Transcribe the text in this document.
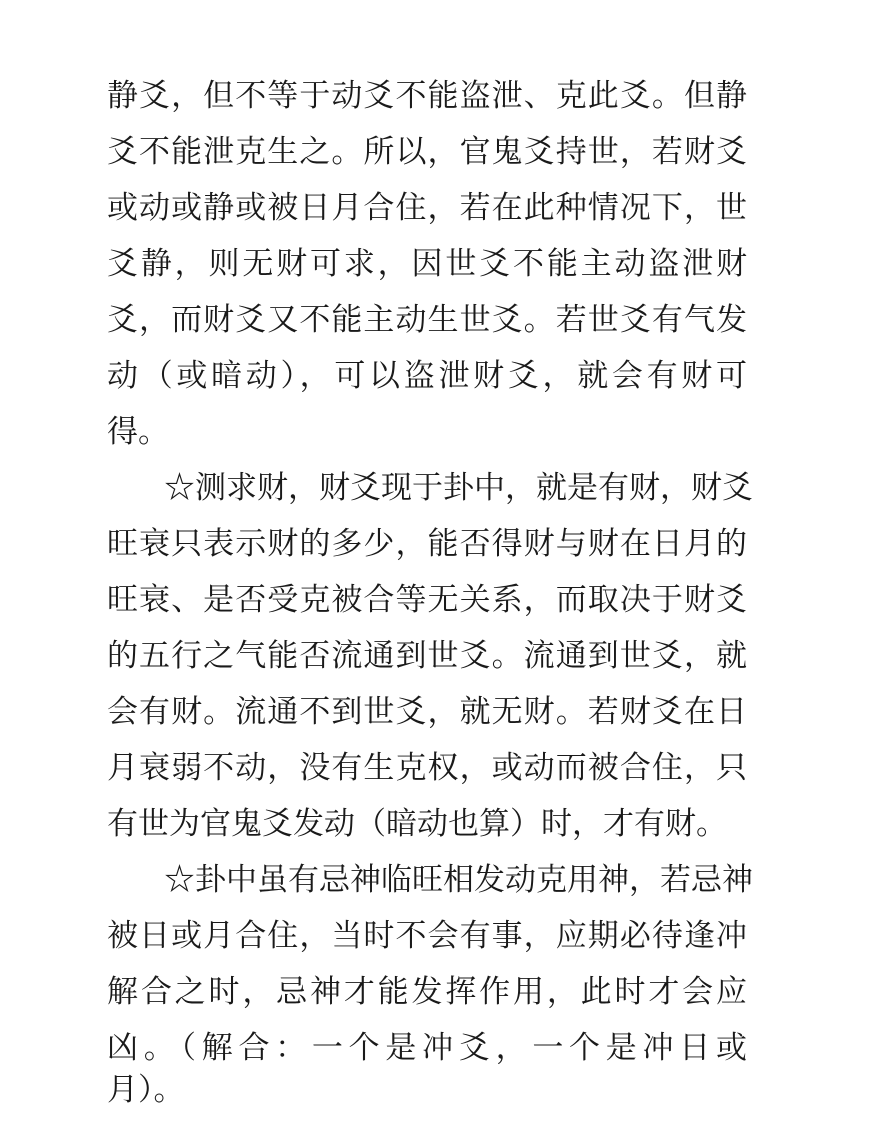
静爻，但不等于动爻不能盗泄、克此爻。但静
爻不能泄克生之。所以，官鬼爻持世，若财爻
或动或静或被日月合住，若在此种情况下，世
爻静，则无财可求，因世爻不能主动盗泄财
爻，而财爻又不能主动生世爻。若世爻有气发
动（或暗动），可以盗泄财爻，就会有财可
得。
☆测求财，财爻现于卦中，就是有财，财爻
旺衰只表示财的多少，能否得财与财在日月的
旺衰、是否受克被合等无关系，而取决于财爻
的五行之气能否流通到世爻。流通到世爻，就
会有财。流通不到世爻，就无财。若财爻在日
月衰弱不动，没有生克权，或动而被合住，只
有世为官鬼爻发动（暗动也算）时，才有财。
☆卦中虽有忌神临旺相发动克用神，若忌神
被日或月合住，当时不会有事，应期必待逢冲
解合之时，忌神才能发挥作用，此时才会应
凶。（解合：一个是冲爻，一个是冲日或
月）。
